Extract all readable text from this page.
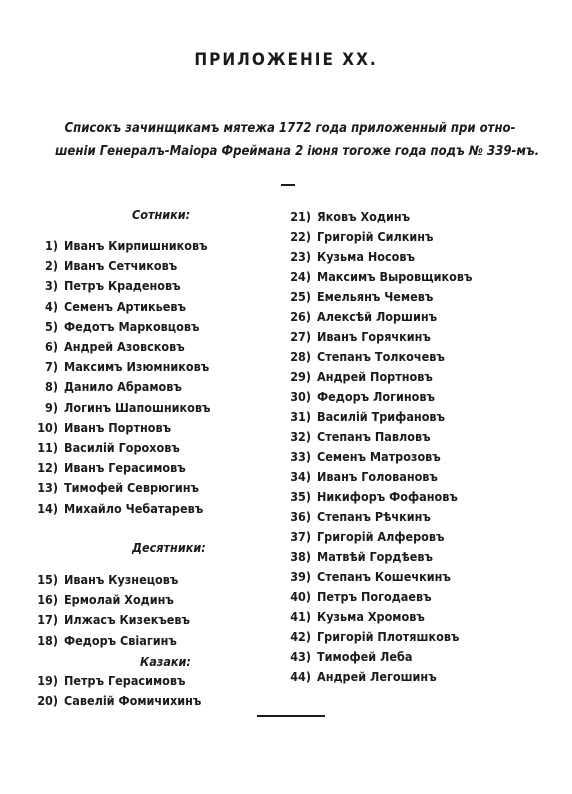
ПРИЛОЖЕНІЕ ХХ.
Списокъ зачинщикамъ мятежа 1772 года приложенный при отно-
шеніи Генералъ-Маіора Фреймана 2 іюня тогоже года подъ № 339-мъ.
Сотники:
Десятники:
Казаки:
1) Иванъ Кирпишниковъ
2) Иванъ Сетчиковъ
3) Петръ Краденовъ
4) Семенъ Артикьевъ
5) Федотъ Марковцовъ
6) Андрей Азовсковъ
7) Максимъ Изюмниковъ
8) Данило Абрамовъ
9) Логинъ Шапошниковъ
10) Иванъ Портновъ
11) Василій Гороховъ
12) Иванъ Герасимовъ
13) Тимофей Севрюгинъ
14) Михайло Чебатаревъ
15) Иванъ Кузнецовъ
16) Ермолай Ходинъ
17) Илжасъ Кизекъевъ
18) Федоръ Свіагинъ
19) Петръ Герасимовъ
20) Савелій Фомичихинъ
21) Яковъ Ходинъ
22) Григорій Силкинъ
23) Кузьма Носовъ
24) Максимъ Выровщиковъ
25) Емельянъ Чемевъ
26) Алексѣй Лоршинъ
27) Иванъ Горячкинъ
28) Степанъ Толкочевъ
29) Андрей Портновъ
30) Федоръ Логиновъ
31) Василій Трифановъ
32) Степанъ Павловъ
33) Семенъ Матрозовъ
34) Иванъ Головановъ
35) Никифоръ Фофановъ
36) Степанъ Рѣчкинъ
37) Григорій Алферовъ
38) Матвѣй Гордѣевъ
39) Степанъ Кошечкинъ
40) Петръ Погодаевъ
41) Кузьма Хромовъ
42) Григорій Плотяшковъ
43) Тимофей Леба
44) Андрей Легошинъ
